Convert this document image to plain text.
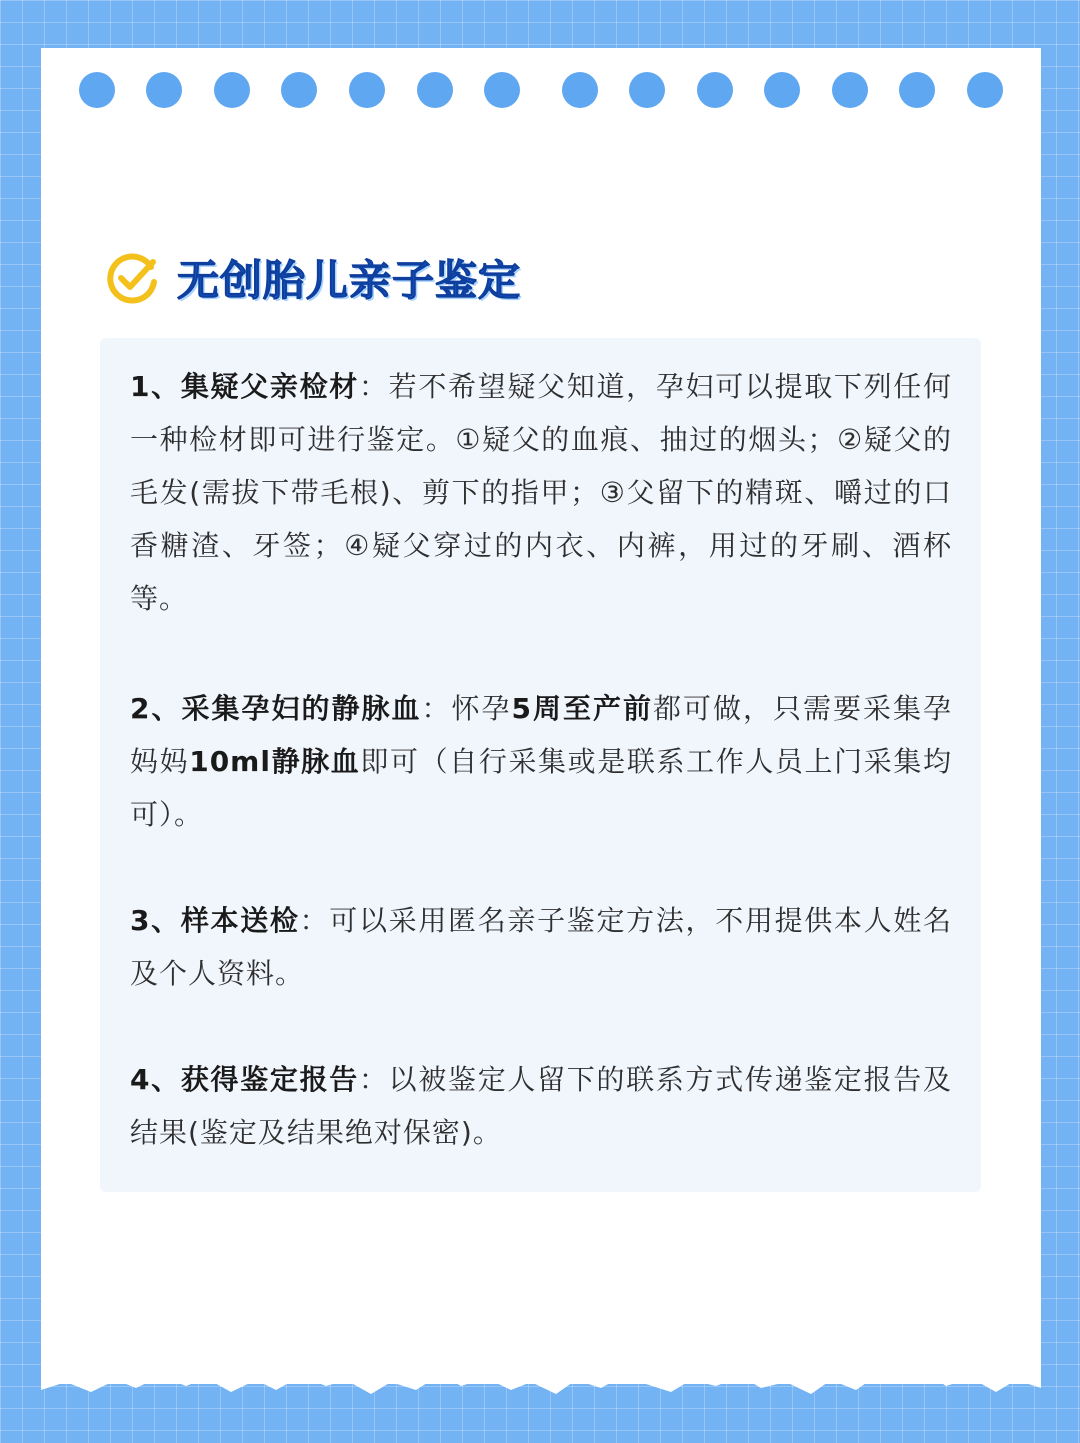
无创胎儿亲子鉴定
1、集疑父亲检材：若不希望疑父知道，孕妇可以提取下列任何一种检材即可进行鉴定。①疑父的血痕、抽过的烟头；②疑父的毛发(需拔下带毛根)、剪下的指甲；③父留下的精斑、嚼过的口香糖渣、牙签；④疑父穿过的内衣、内裤，用过的牙刷、酒杯等。
2、采集孕妇的静脉血：怀孕5周至产前都可做，只需要采集孕妈妈10ml静脉血即可（自行采集或是联系工作人员上门采集均可）。
3、样本送检：可以采用匿名亲子鉴定方法，不用提供本人姓名及个人资料。
4、获得鉴定报告：以被鉴定人留下的联系方式传递鉴定报告及结果(鉴定及结果绝对保密)。
